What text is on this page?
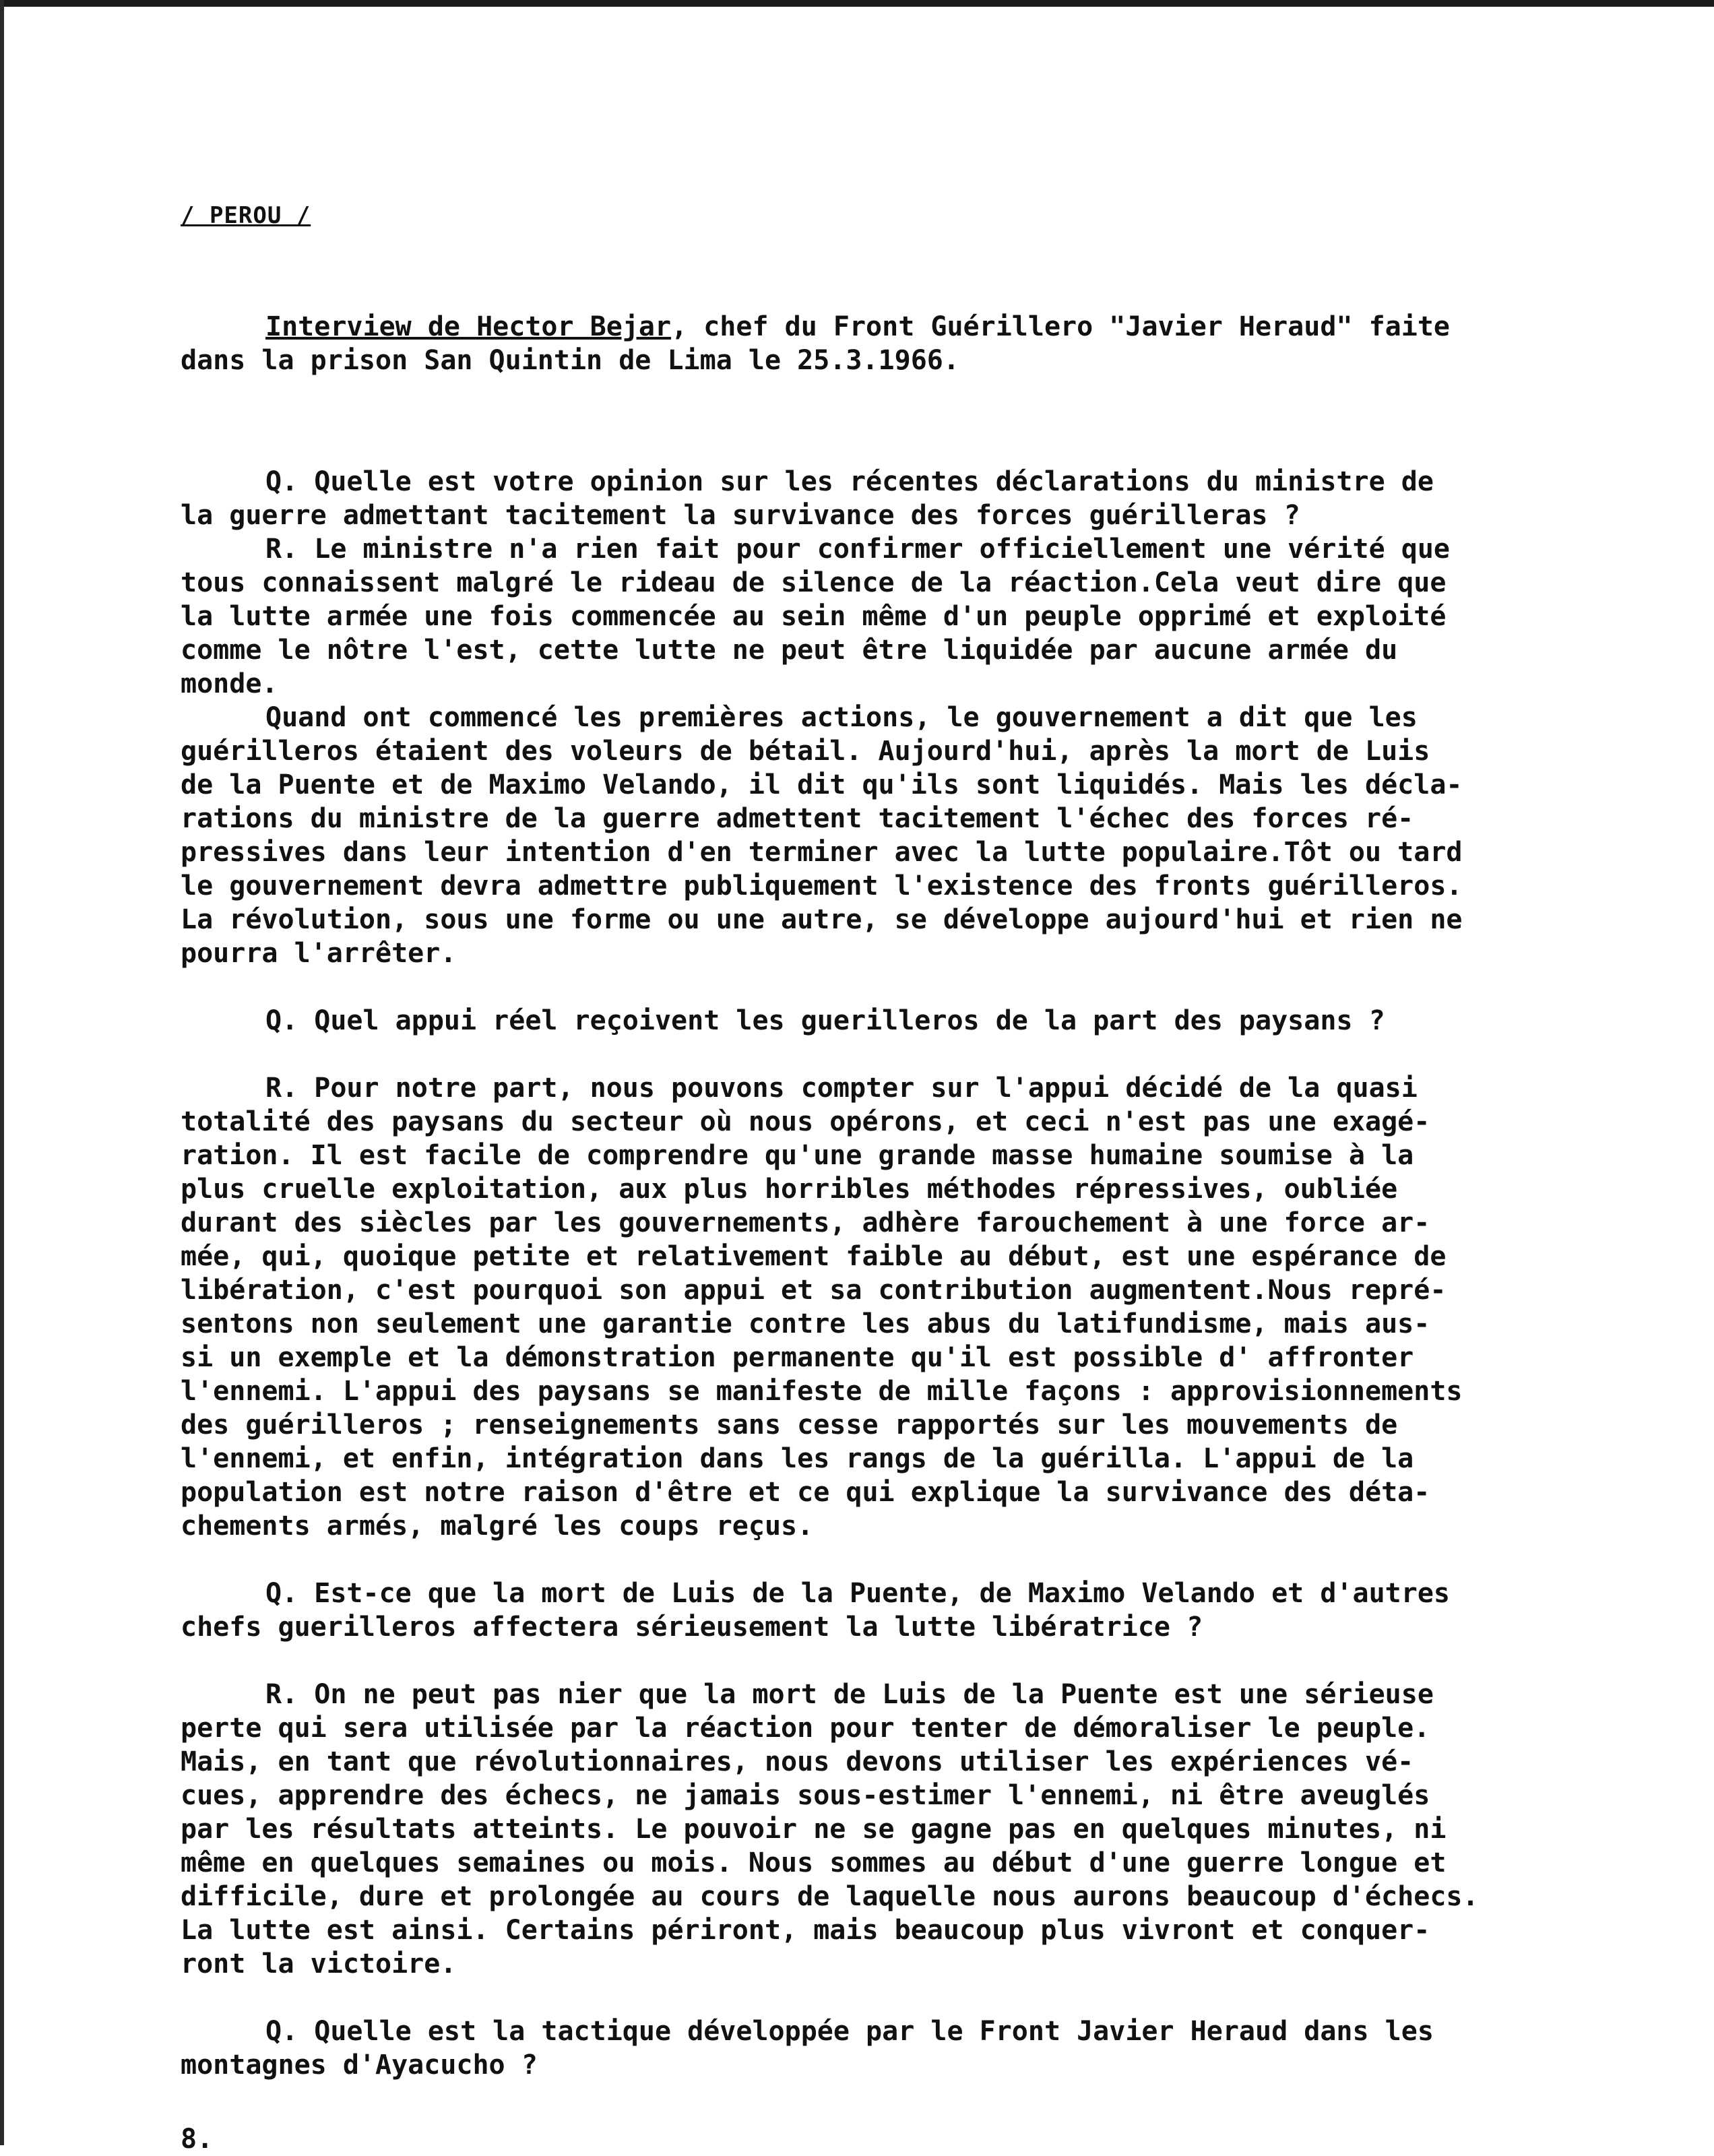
/ PEROU /

Interview de Hector Bejar, chef du Front Guérillero "Javier Heraud" faite
dans la prison San Quintin de Lima le 25.3.1966.

Q. Quelle est votre opinion sur les récentes déclarations du ministre de
la guerre admettant tacitement la survivance des forces guérilleras ?

R. Le ministre n'a rien fait pour confirmer officiellement une vérité que
tous connaissent malgré le rideau de silence de la réaction.Cela veut dire que
la lutte armée une fois commencée au sein même d'un peuple opprimé et exploité
comme le nôtre l'est, cette lutte ne peut être liquidée par aucune armée du
monde.

Quand ont commencé les premières actions, le gouvernement a dit que les
guérilleros étaient des voleurs de bétail. Aujourd'hui, après la mort de Luis
de la Puente et de Maximo Velando, il dit qu'ils sont liquidés. Mais les décla-
rations du ministre de la guerre admettent tacitement l'échec des forces ré-
pressives dans leur intention d'en terminer avec la lutte populaire.Tôt ou tard
le gouvernement devra admettre publiquement l'existence des fronts guérilleros.
La révolution, sous une forme ou une autre, se développe aujourd'hui et rien ne
pourra l'arrêter.

Q. Quel appui réel reçoivent les guerilleros de la part des paysans ?

R. Pour notre part, nous pouvons compter sur l'appui décidé de la quasi
totalité des paysans du secteur où nous opérons, et ceci n'est pas une exagé-
ration. Il est facile de comprendre qu'une grande masse humaine soumise à la
plus cruelle exploitation, aux plus horribles méthodes répressives, oubliée
durant des siècles par les gouvernements, adhère farouchement à une force ar-
mée, qui, quoique petite et relativement faible au début, est une espérance de
libération, c'est pourquoi son appui et sa contribution augmentent.Nous repré-
sentons non seulement une garantie contre les abus du latifundisme, mais aus-
si un exemple et la démonstration permanente qu'il est possible d' affronter
l'ennemi. L'appui des paysans se manifeste de mille façons : approvisionnements
des guérilleros ; renseignements sans cesse rapportés sur les mouvements de
l'ennemi, et enfin, intégration dans les rangs de la guérilla. L'appui de la
population est notre raison d'être et ce qui explique la survivance des déta-
chements armés, malgré les coups reçus.

Q. Est-ce que la mort de Luis de la Puente, de Maximo Velando et d'autres
chefs guerilleros affectera sérieusement la lutte libératrice ?

R. On ne peut pas nier que la mort de Luis de la Puente est une sérieuse
perte qui sera utilisée par la réaction pour tenter de démoraliser le peuple.
Mais, en tant que révolutionnaires, nous devons utiliser les expériences vé-
cues, apprendre des échecs, ne jamais sous-estimer l'ennemi, ni être aveuglés
par les résultats atteints. Le pouvoir ne se gagne pas en quelques minutes, ni
même en quelques semaines ou mois. Nous sommes au début d'une guerre longue et
difficile, dure et prolongée au cours de laquelle nous aurons beaucoup d'échecs.
La lutte est ainsi. Certains périront, mais beaucoup plus vivront et conquer-
ront la victoire.

Q. Quelle est la tactique développée par le Front Javier Heraud dans les
montagnes d'Ayacucho ?

8.
